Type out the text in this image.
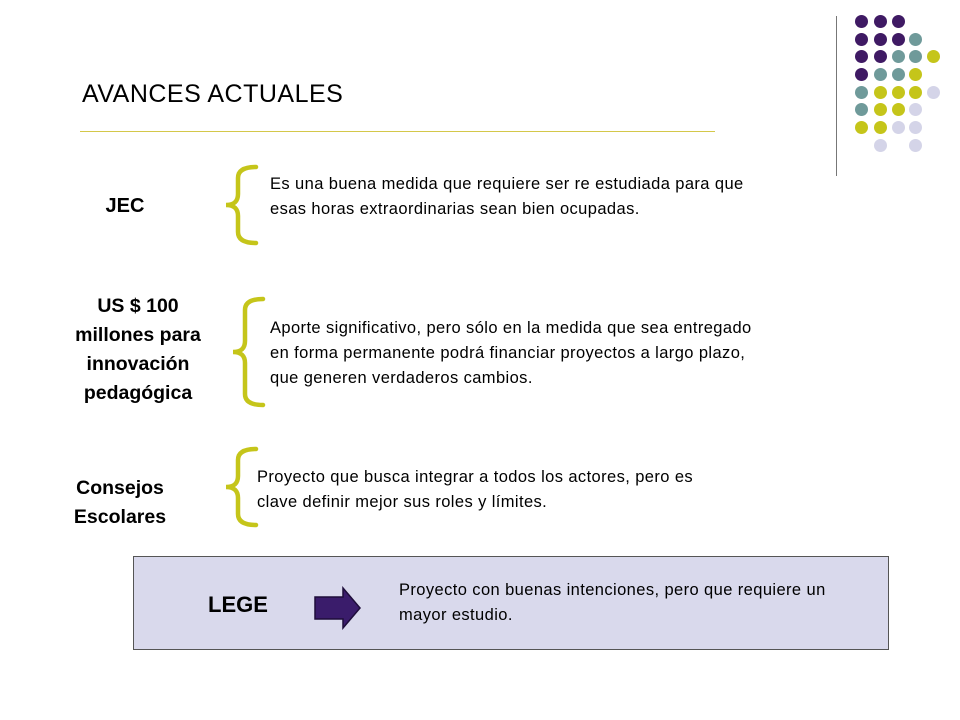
AVANCES ACTUALES
JEC
Es una buena medida que requiere ser re estudiada para que esas horas extraordinarias sean bien ocupadas.
US $ 100
millones para
innovación
pedagógica
Aporte significativo, pero sólo en la medida que sea entregado en forma permanente podrá financiar proyectos a largo plazo, que generen verdaderos cambios.
Consejos
Escolares
Proyecto que busca integrar a todos los actores, pero es clave definir mejor sus roles y límites.
LEGE
Proyecto con buenas intenciones, pero que requiere un mayor estudio.
